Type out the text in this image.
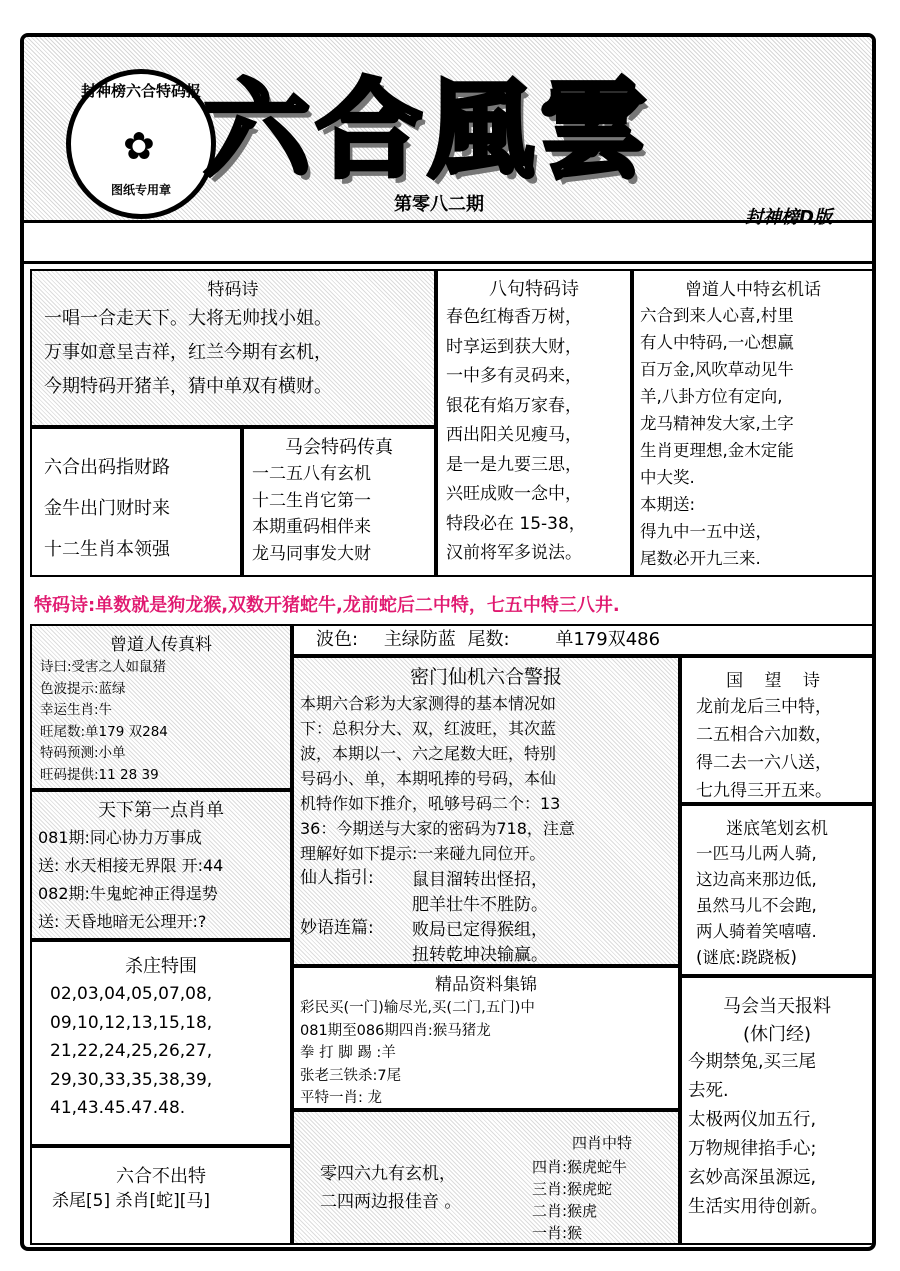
封神榜六合特码报
✿
图纸专用章 六合風雲
第零八二期
封神榜D版
特码诗
一唱一合走天下。大将无帅找小姐。
万事如意呈吉祥，红兰今期有玄机，
今期特码开猪羊，猜中单双有横财。
六合出码指财路
金牛出门财时来
十二生肖本领强
马会特码传真
一二五八有玄机
十二生肖它第一
本期重码相伴来
龙马同事发大财
八句特码诗
春色红梅香万树，
时享运到获大财，
一中多有灵码来，
银花有焰万家春，
西出阳关见瘦马，
是一是九要三思，
兴旺成败一念中，
特段必在 15-38，
汉前将军多说法。
曾道人中特玄机话
六合到来人心喜,村里
有人中特码,一心想赢
百万金,风吹草动见牛
羊,八卦方位有定向,
龙马精神发大家,土字
生肖更理想,金木定能
中大奖.
本期送:
得九中一五中送，
尾数必开九三来.
特码诗:单数就是狗龙猴,双数开猪蛇牛,龙前蛇后二中特，七五中特三八井.
曾道人传真料
诗曰:受害之人如鼠猪
色波提示:蓝绿
幸运生肖:牛
旺尾数:单179 双284
特码预测:小单
旺码提供:11 28 39
天下第一点肖单
081期:同心协力万事成
送: 水天相接无界限 开:44
082期:牛鬼蛇神正得逞势
送: 天昏地暗无公理开:?
杀庄特围
02,03,04,05,07,08,
09,10,12,13,15,18,
21,22,24,25,26,27,
29,30,33,35,38,39,
41,43.45.47.48.
六合不出特
杀尾[5] 杀肖[蛇][马]
波色: 主绿防蓝 尾数:	单179双486
密门仙机六合警报
本期六合彩为大家测得的基本情况如
下：总积分大、双，红波旺，其次蓝
波，本期以一、六之尾数大旺，特别
号码小、单，本期吼捧的号码，本仙
机特作如下推介，吼够号码二个：13
36：今期送与大家的密码为718，注意
理解好如下提示:一来碰九同位开。
仙人指引: 鼠目溜转出怪招，
肥羊壮牛不胜防。
妙语连篇: 败局已定得猴组，
扭转乾坤决输赢。
精品资料集锦
彩民买(一门)输尽光,买(二门,五门)中
081期至086期四肖:猴马猪龙
拳 打 脚 踢 :羊
张老三铁杀:7尾
平特一肖: 龙
零四六九有玄机，
二四两边报佳音 。
四肖中特
四肖:猴虎蛇牛
三肖:猴虎蛇
二肖:猴虎
一肖:猴
国 望 诗
龙前龙后三中特，
二五相合六加数，
得二去一六八送，
七九得三开五来。
迷底笔划玄机
一匹马儿两人骑,
这边高来那边低,
虽然马儿不会跑,
两人骑着笑嘻嘻.
(谜底:跷跷板)
马会当天报料
(休门经)
今期禁兔,买三尾
去死.
太极两仪加五行,
万物规律掐手心;
玄妙高深虽源远,
生活实用待创新。
